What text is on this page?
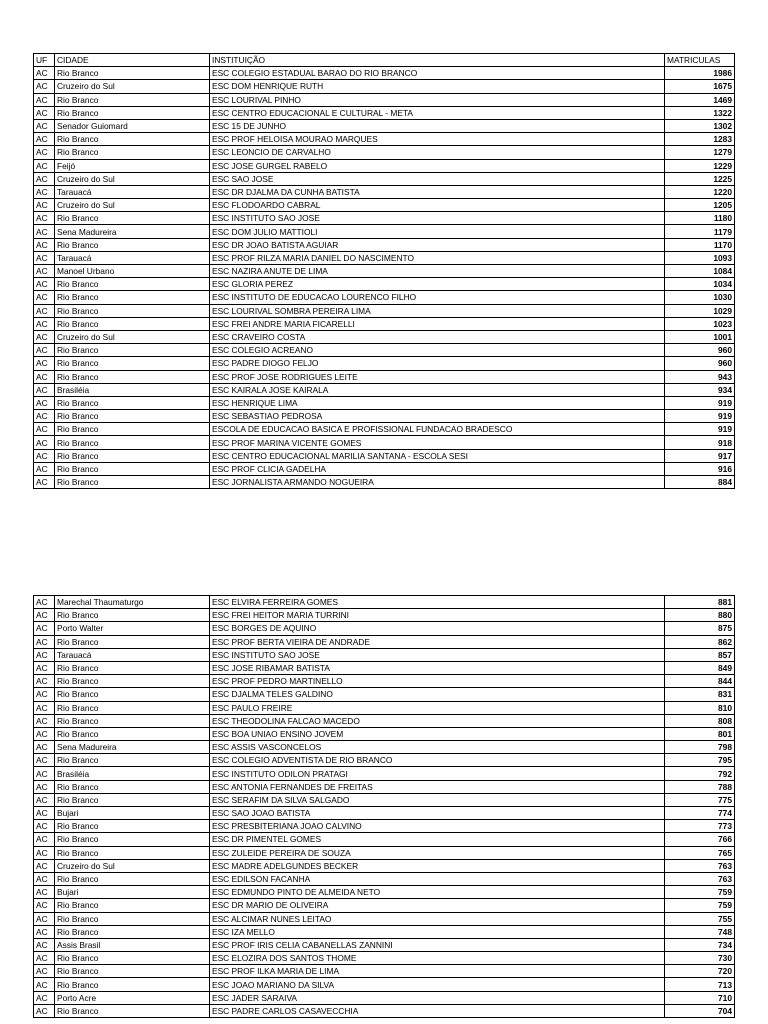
UF	CIDADE	INSTITUIÇÃO	MATRICULAS
AC	Rio Branco	ESC COLEGIO ESTADUAL BARAO DO RIO BRANCO	1986
AC	Cruzeiro do Sul	ESC DOM HENRIQUE RUTH	1675
AC	Rio Branco	ESC LOURIVAL PINHO	1469
AC	Rio Branco	ESC CENTRO EDUCACIONAL E CULTURAL - META	1322
AC	Senador Guiomard	ESC 15 DE JUNHO	1302
AC	Rio Branco	ESC PROF HELOISA MOURAO MARQUES	1283
AC	Rio Branco	ESC LEONCIO DE CARVALHO	1279
AC	Feijó	ESC JOSE GURGEL RABELO	1229
AC	Cruzeiro do Sul	ESC SAO JOSE	1225
AC	Tarauacá	ESC DR DJALMA DA CUNHA BATISTA	1220
AC	Cruzeiro do Sul	ESC FLODOARDO CABRAL	1205
AC	Rio Branco	ESC INSTITUTO SAO JOSE	1180
AC	Sena Madureira	ESC DOM JULIO MATTIOLI	1179
AC	Rio Branco	ESC DR JOAO BATISTA AGUIAR	1170
AC	Tarauacá	ESC PROF RILZA MARIA DANIEL DO NASCIMENTO	1093
AC	Manoel Urbano	ESC NAZIRA ANUTE DE LIMA	1084
AC	Rio Branco	ESC GLORIA PEREZ	1034
AC	Rio Branco	ESC INSTITUTO DE EDUCACAO LOURENCO FILHO	1030
AC	Rio Branco	ESC LOURIVAL SOMBRA PEREIRA LIMA	1029
AC	Rio Branco	ESC FREI ANDRE MARIA FICARELLI	1023
AC	Cruzeiro do Sul	ESC CRAVEIRO COSTA	1001
AC	Rio Branco	ESC COLEGIO ACREANO	960
AC	Rio Branco	ESC PADRE DIOGO FELJO	960
AC	Rio Branco	ESC PROF JOSE RODRIGUES LEITE	943
AC	Brasiléia	ESC KAIRALA JOSE KAIRALA	934
AC	Rio Branco	ESC HENRIQUE LIMA	919
AC	Rio Branco	ESC SEBASTIAO PEDROSA	919
AC	Rio Branco	ESCOLA DE EDUCACAO BASICA E PROFISSIONAL FUNDACAO BRADESCO	919
AC	Rio Branco	ESC PROF MARINA VICENTE GOMES	918
AC	Rio Branco	ESC CENTRO EDUCACIONAL MARILIA SANTANA - ESCOLA SESI	917
AC	Rio Branco	ESC PROF CLICIA GADELHA	916
AC	Rio Branco	ESC JORNALISTA ARMANDO NOGUEIRA	884
AC	Marechal Thaumaturgo	ESC ELVIRA FERREIRA GOMES	881
AC	Rio Branco	ESC FREI HEITOR MARIA TURRINI	880
AC	Porto Walter	ESC BORGES DE AQUINO	875
AC	Rio Branco	ESC PROF BERTA VIEIRA DE ANDRADE	862
AC	Tarauacá	ESC INSTITUTO SAO JOSE	857
AC	Rio Branco	ESC JOSE RIBAMAR BATISTA	849
AC	Rio Branco	ESC PROF PEDRO MARTINELLO	844
AC	Rio Branco	ESC DJALMA TELES GALDINO	831
AC	Rio Branco	ESC PAULO FREIRE	810
AC	Rio Branco	ESC THEODOLINA FALCAO MACEDO	808
AC	Rio Branco	ESC BOA UNIAO ENSINO JOVEM	801
AC	Sena Madureira	ESC ASSIS VASCONCELOS	798
AC	Rio Branco	ESC COLEGIO ADVENTISTA DE RIO BRANCO	795
AC	Brasiléia	ESC INSTITUTO ODILON PRATAGI	792
AC	Rio Branco	ESC ANTONIA FERNANDES DE FREITAS	788
AC	Rio Branco	ESC SERAFIM DA SILVA SALGADO	775
AC	Bujari	ESC SAO JOAO BATISTA	774
AC	Rio Branco	ESC PRESBITERIANA JOAO CALVINO	773
AC	Rio Branco	ESC DR PIMENTEL GOMES	766
AC	Rio Branco	ESC ZULEIDE PEREIRA DE SOUZA	765
AC	Cruzeiro do Sul	ESC MADRE ADELGUNDES BECKER	763
AC	Rio Branco	ESC EDILSON FACANHA	763
AC	Bujari	ESC EDMUNDO PINTO DE ALMEIDA NETO	759
AC	Rio Branco	ESC DR MARIO DE OLIVEIRA	759
AC	Rio Branco	ESC ALCIMAR NUNES LEITAO	755
AC	Rio Branco	ESC IZA MELLO	748
AC	Assis Brasil	ESC PROF IRIS CELIA CABANELLAS ZANNINI	734
AC	Rio Branco	ESC ELOZIRA DOS SANTOS THOME	730
AC	Rio Branco	ESC PROF ILKA MARIA DE LIMA	720
AC	Rio Branco	ESC JOAO MARIANO DA SILVA	713
AC	Porto Acre	ESC JADER SARAIVA	710
AC	Rio Branco	ESC PADRE CARLOS CASAVECCHIA	704
